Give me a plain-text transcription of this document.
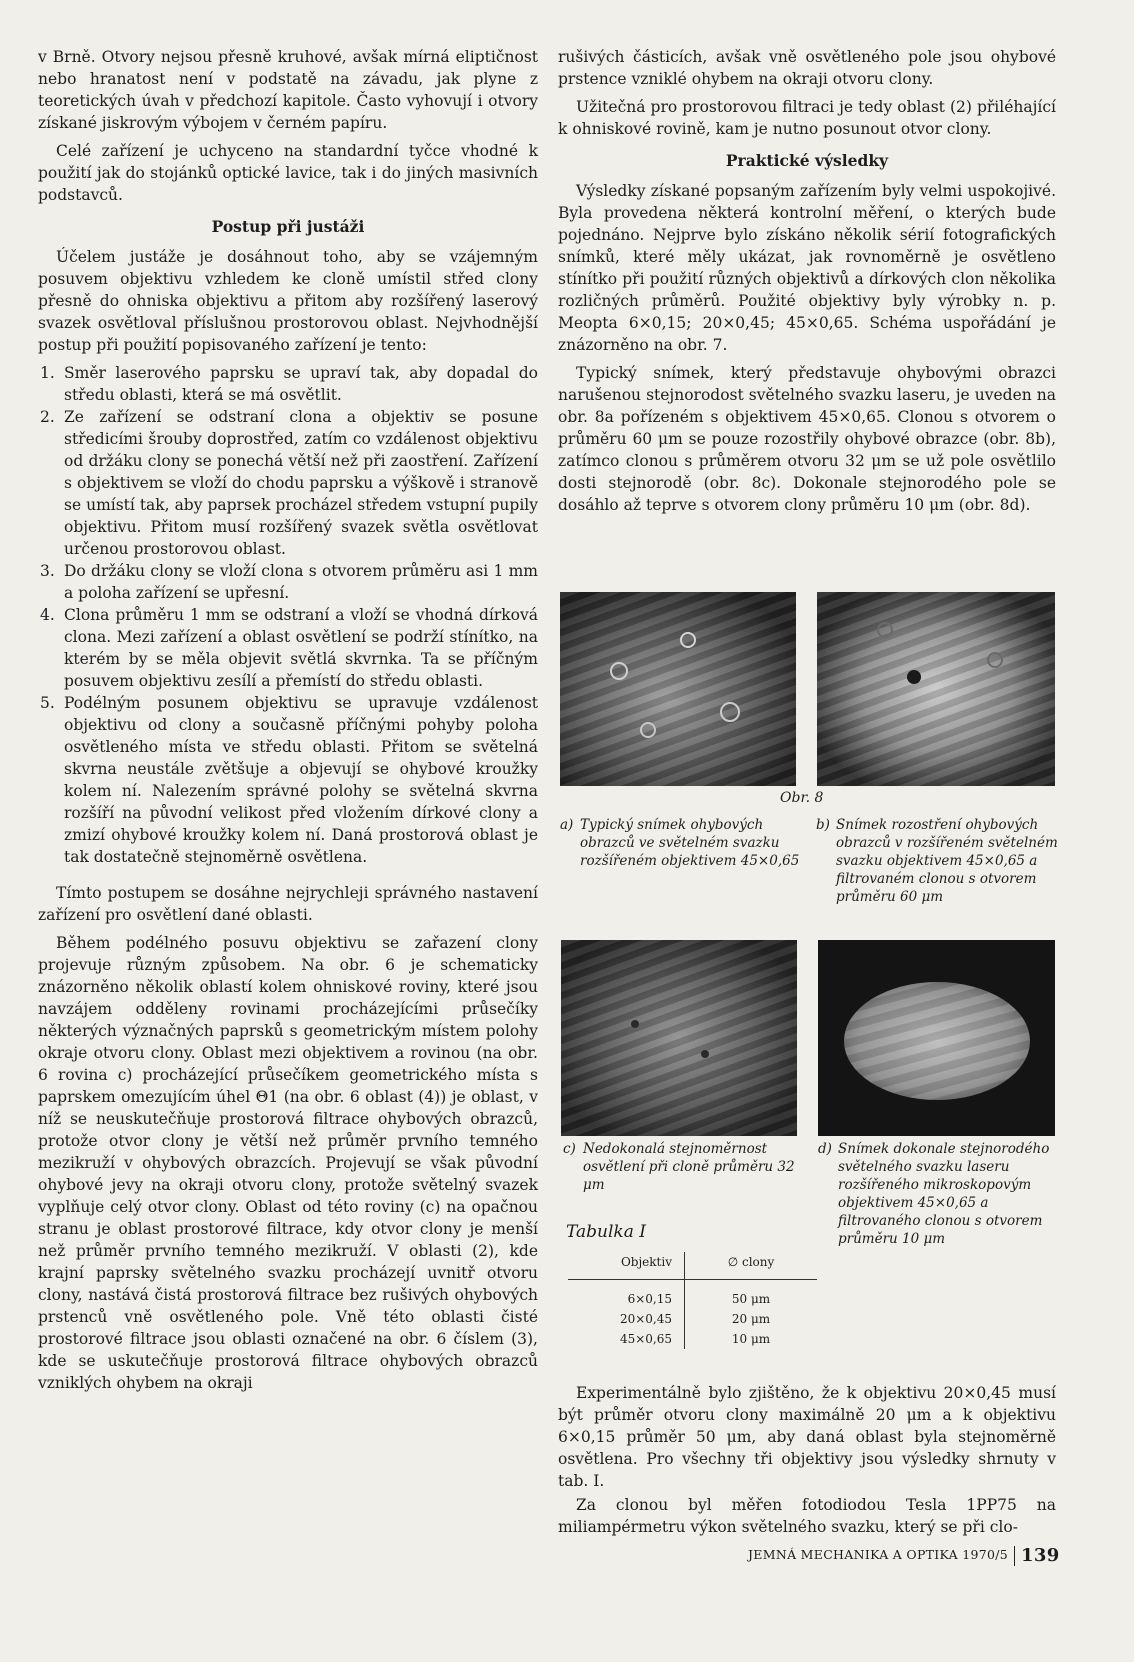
v Brně. Otvory nejsou přesně kruhové, avšak mírná eliptičnost nebo hranatost není v podstatě na závadu, jak plyne z teoretických úvah v předchozí kapitole. Často vyhovují i otvory získané jiskrovým výbojem v černém papíru.

Celé zařízení je uchyceno na standardní tyčce vhodné k použití jak do stojánků optické lavice, tak i do jiných masivních podstavců.

Postup při justáži

Účelem justáže je dosáhnout toho, aby se vzájemným posuvem objektivu vzhledem ke cloně umístil střed clony přesně do ohniska objektivu a přitom aby rozšířený laserový svazek osvětloval příslušnou prostorovou oblast. Nejvhodnější postup při použití popisovaného zařízení je tento:

1. Směr laserového paprsku se upraví tak, aby dopadal do středu oblasti, která se má osvětlit.
2. Ze zařízení se odstraní clona a objektiv se posune středicími šrouby doprostřed, zatím co vzdálenost objektivu od držáku clony se ponechá větší než při zaostření. Zařízení s objektivem se vloží do chodu paprsku a výškově i stranově se umístí tak, aby paprsek procházel středem vstupní pupily objektivu. Přitom musí rozšířený svazek světla osvětlovat určenou prostorovou oblast.
3. Do držáku clony se vloží clona s otvorem průměru asi 1 mm a poloha zařízení se upřesní.
4. Clona průměru 1 mm se odstraní a vloží se vhodná dírková clona. Mezi zařízení a oblast osvětlení se podrží stínítko, na kterém by se měla objevit světlá skvrnka. Ta se příčným posuvem objektivu zesílí a přemístí do středu oblasti.
5. Podélným posunem objektivu se upravuje vzdálenost objektivu od clony a současně příčnými pohyby poloha osvětleného místa ve středu oblasti. Přitom se světelná skvrna neustále zvětšuje a objevují se ohybové kroužky kolem ní. Nalezením správné polohy se světelná skvrna rozšíří na původní velikost před vložením dírkové clony a zmizí ohybové kroužky kolem ní. Daná prostorová oblast je tak dostatečně stejnoměrně osvětlena.

Tímto postupem se dosáhne nejrychleji správného nastavení zařízení pro osvětlení dané oblasti.

Během podélného posuvu objektivu se zařazení clony projevuje různým způsobem. Na obr. 6 je schematicky znázorněno několik oblastí kolem ohniskové roviny, které jsou navzájem odděleny rovinami procházejícími průsečíky některých význačných paprsků s geometrickým místem polohy okraje otvoru clony. Oblast mezi objektivem a rovinou (na obr. 6 rovina c) procházející průsečíkem geometrického místa s paprskem omezujícím úhel Θ1 (na obr. 6 oblast (4)) je oblast, v níž se neuskutečňuje prostorová filtrace ohybových obrazců, protože otvor clony je větší než průměr prvního temného mezikruží v ohybových obrazcích. Projevují se však původní ohybové jevy na okraji otvoru clony, protože světelný svazek vyplňuje celý otvor clony. Oblast od této roviny (c) na opačnou stranu je oblast prostorové filtrace, kdy otvor clony je menší než průměr prvního temného mezikruží. V oblasti (2), kde krajní paprsky světelného svazku procházejí uvnitř otvoru clony, nastává čistá prostorová filtrace bez rušivých ohybových prstenců vně osvětleného pole. Vně této oblasti čisté prostorové filtrace jsou oblasti označené na obr. 6 číslem (3), kde se uskutečňuje prostorová filtrace ohybových obrazců vzniklých ohybem na okraji

rušivých částicích, avšak vně osvětleného pole jsou ohybové prstence vzniklé ohybem na okraji otvoru clony.

Užitečná pro prostorovou filtraci je tedy oblast (2) přiléhající k ohniskové rovině, kam je nutno posunout otvor clony.

Praktické výsledky

Výsledky získané popsaným zařízením byly velmi uspokojivé. Byla provedena některá kontrolní měření, o kterých bude pojednáno. Nejprve bylo získáno několik sérií fotografických snímků, které měly ukázat, jak rovnoměrně je osvětleno stínítko při použití různých objektivů a dírkových clon několika rozličných průměrů. Použité objektivy byly výrobky n. p. Meopta 6×0,15; 20×0,45; 45×0,65. Schéma uspořádání je znázorněno na obr. 7.

Typický snímek, který představuje ohybovými obrazci narušenou stejnorodost světelného svazku laseru, je uveden na obr. 8a pořízeném s objektivem 45×0,65. Clonou s otvorem o průměru 60 μm se pouze rozostřily ohybové obrazce (obr. 8b), zatímco clonou s průměrem otvoru 32 μm se už pole osvětlilo dosti stejnorodě (obr. 8c). Dokonale stejnorodého pole se dosáhlo až teprve s otvorem clony průměru 10 μm (obr. 8d).

Obr. 8
a) Typický snímek ohybových obrazců ve světelném svazku rozšířeném objektivem 45×0,65
b) Snímek rozostření ohybových obrazců v rozšířeném světelném svazku objektivem 45×0,65 a filtrovaném clonou s otvorem průměru 60 μm
c) Nedokonalá stejnoměrnost osvětlení při cloně průměru 32 μm
d) Snímek dokonale stejnorodého světelného svazku laseru rozšířeného mikroskopovým objektivem 45×0,65 a filtrovaného clonou s otvorem průměru 10 μm
Tabulka I
Objektiv	∅ clony
6×0,15	50 μm
20×0,45	20 μm
45×0,65	10 μm

Experimentálně bylo zjištěno, že k objektivu 20×0,45 musí být průměr otvoru clony maximálně 20 μm a k objektivu 6×0,15 průměr 50 μm, aby daná oblast byla stejnoměrně osvětlena. Pro všechny tři objektivy jsou výsledky shrnuty v tab. I.

Za clonou byl měřen fotodiodou Tesla 1PP75 na miliampérmetru výkon světelného svazku, který se při clo-

JEMNÁ MECHANIKA A OPTIKA 1970/5 139
